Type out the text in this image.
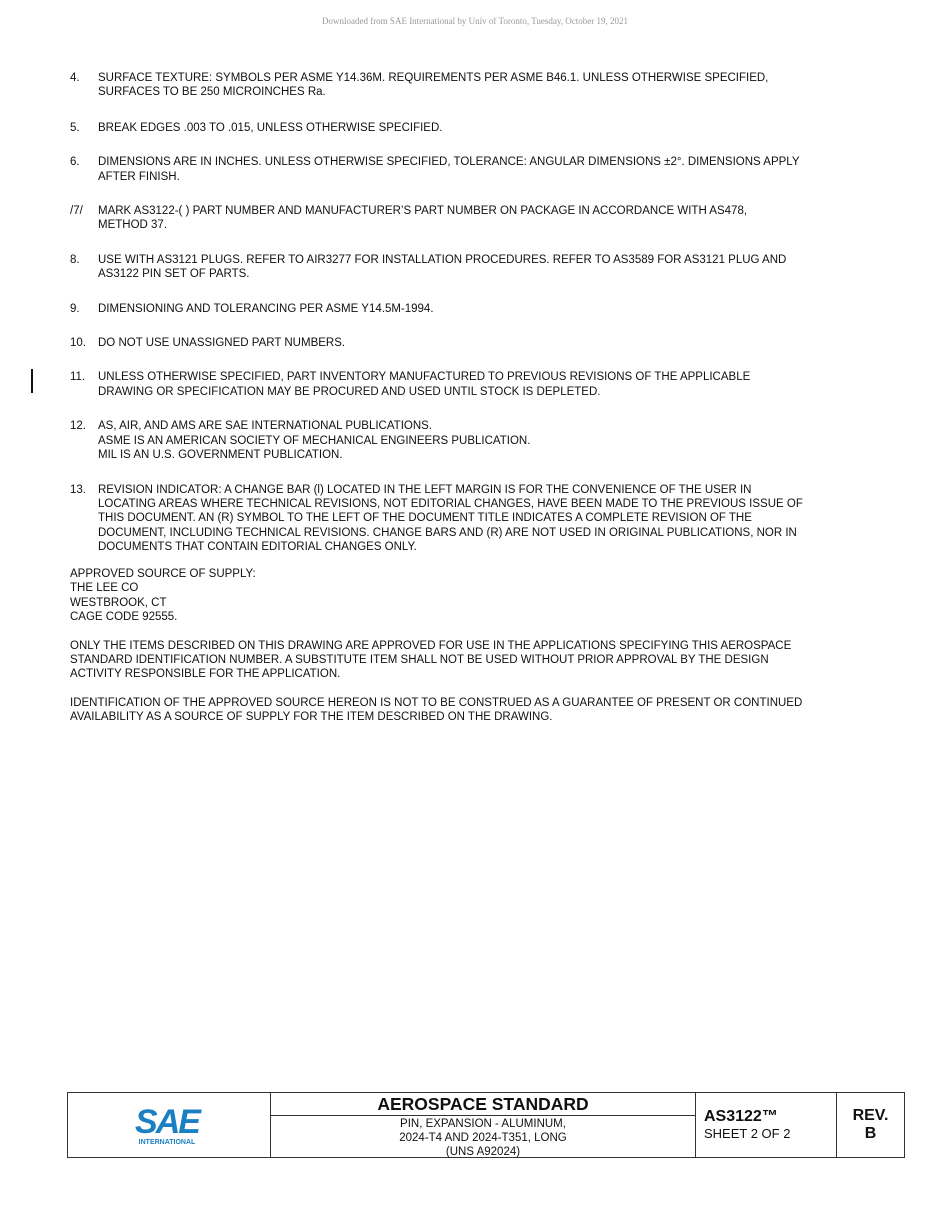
Downloaded from SAE International by Univ of Toronto, Tuesday, October 19, 2021
4.	SURFACE TEXTURE: SYMBOLS PER ASME Y14.36M. REQUIREMENTS PER ASME B46.1. UNLESS OTHERWISE SPECIFIED,
SURFACES TO BE 250 MICROINCHES Ra.
5.	BREAK EDGES .003 TO .015, UNLESS OTHERWISE SPECIFIED.
6.	DIMENSIONS ARE IN INCHES. UNLESS OTHERWISE SPECIFIED, TOLERANCE: ANGULAR DIMENSIONS ±2°. DIMENSIONS APPLY
AFTER FINISH.
/7/	MARK AS3122-( ) PART NUMBER AND MANUFACTURER’S PART NUMBER ON PACKAGE IN ACCORDANCE WITH AS478,
METHOD 37.
8.	USE WITH AS3121 PLUGS. REFER TO AIR3277 FOR INSTALLATION PROCEDURES. REFER TO AS3589 FOR AS3121 PLUG AND
AS3122 PIN SET OF PARTS.
9.	DIMENSIONING AND TOLERANCING PER ASME Y14.5M-1994.
10.	DO NOT USE UNASSIGNED PART NUMBERS.
11.	UNLESS OTHERWISE SPECIFIED, PART INVENTORY MANUFACTURED TO PREVIOUS REVISIONS OF THE APPLICABLE
DRAWING OR SPECIFICATION MAY BE PROCURED AND USED UNTIL STOCK IS DEPLETED.
12.	AS, AIR, AND AMS ARE SAE INTERNATIONAL PUBLICATIONS.
ASME IS AN AMERICAN SOCIETY OF MECHANICAL ENGINEERS PUBLICATION.
MIL IS AN U.S. GOVERNMENT PUBLICATION.
13.	REVISION INDICATOR: A CHANGE BAR (l) LOCATED IN THE LEFT MARGIN IS FOR THE CONVENIENCE OF THE USER IN
LOCATING AREAS WHERE TECHNICAL REVISIONS, NOT EDITORIAL CHANGES, HAVE BEEN MADE TO THE PREVIOUS ISSUE OF
THIS DOCUMENT. AN (R) SYMBOL TO THE LEFT OF THE DOCUMENT TITLE INDICATES A COMPLETE REVISION OF THE
DOCUMENT, INCLUDING TECHNICAL REVISIONS. CHANGE BARS AND (R) ARE NOT USED IN ORIGINAL PUBLICATIONS, NOR IN
DOCUMENTS THAT CONTAIN EDITORIAL CHANGES ONLY.
APPROVED SOURCE OF SUPPLY:
THE LEE CO
WESTBROOK, CT
CAGE CODE 92555.
ONLY THE ITEMS DESCRIBED ON THIS DRAWING ARE APPROVED FOR USE IN THE APPLICATIONS SPECIFYING THIS AEROSPACE
STANDARD IDENTIFICATION NUMBER. A SUBSTITUTE ITEM SHALL NOT BE USED WITHOUT PRIOR APPROVAL BY THE DESIGN
ACTIVITY RESPONSIBLE FOR THE APPLICATION.
IDENTIFICATION OF THE APPROVED SOURCE HEREON IS NOT TO BE CONSTRUED AS A GUARANTEE OF PRESENT OR CONTINUED
AVAILABILITY AS A SOURCE OF SUPPLY FOR THE ITEM DESCRIBED ON THE DRAWING.
SAE
INTERNATIONAL
AEROSPACE STANDARD
PIN, EXPANSION - ALUMINUM,
2024-T4 AND 2024-T351, LONG
(UNS A92024)
AS3122™
SHEET 2 OF 2
REV.
B
